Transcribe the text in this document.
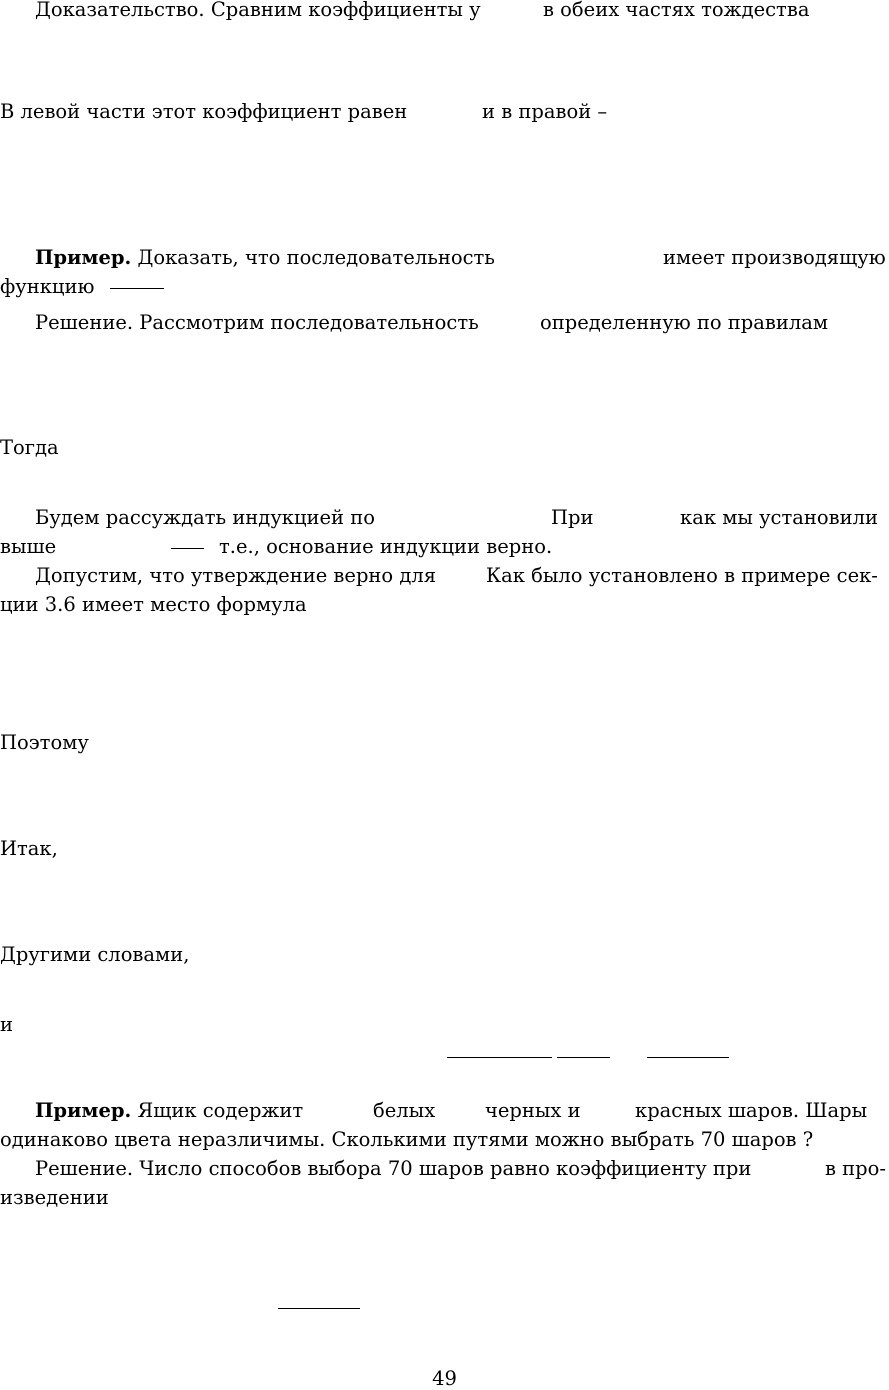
Доказательство. Сравним коэффициенты у	в обеих частях тождества
В левой части этот коэффициент равен	и в правой –
Пример. Доказать, что последовательность	имеет производящую
функцию
Решение. Рассмотрим последовательность	определенную по правилам
Тогда
Будем рассуждать индукцией по	При	как мы установили
выше	т.е., основание индукции верно.
Допустим, что утверждение верно для	Как было установлено в примере сек-
ции 3.6 имеет место формула
Поэтому
Итак,
Другими словами,
и
Пример. Ящик содержит	белых	черных и	красных шаров. Шары
одинаково цвета неразличимы. Сколькими путями можно выбрать 70 шаров ?
Решение. Число способов выбора 70 шаров равно коэффициенту при	в про-
изведении
49
